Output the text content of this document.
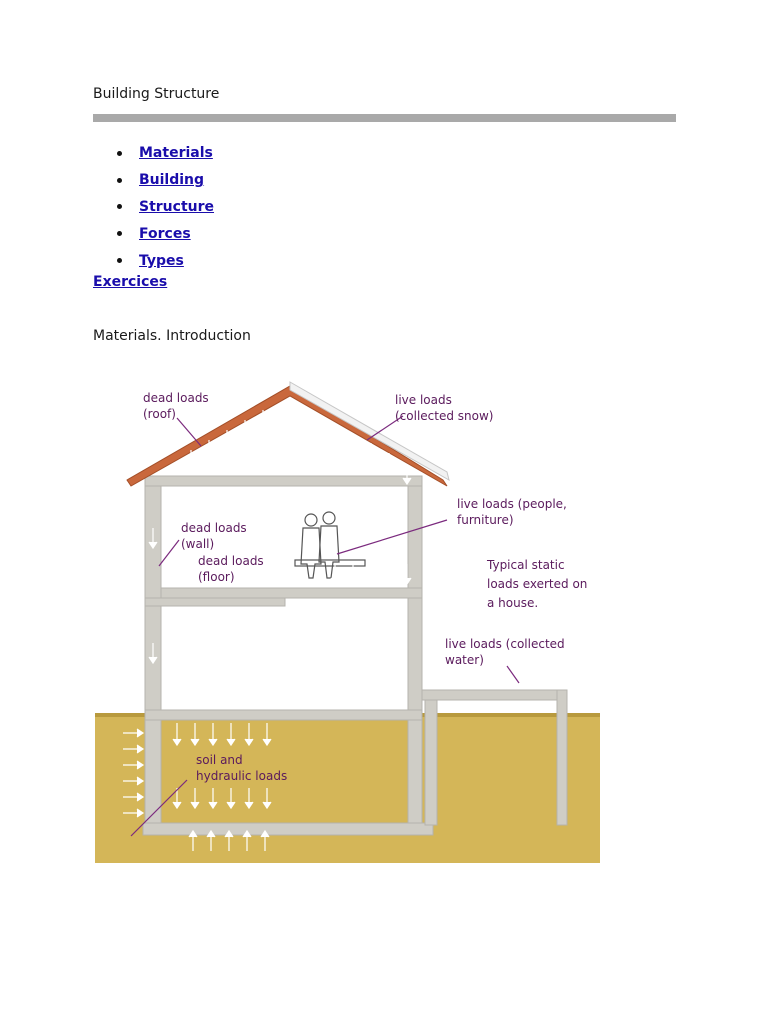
Building Structure
Materials
Building
Structure
Forces
Types
Exercices
Materials. Introduction
dead loads
(roof)
live loads
(collected snow)
live loads (people,
furniture)
dead loads
(wall)
dead loads
(floor)
Typical static
loads exerted on
a house.
live loads (collected
water)
soil and
hydraulic loads
